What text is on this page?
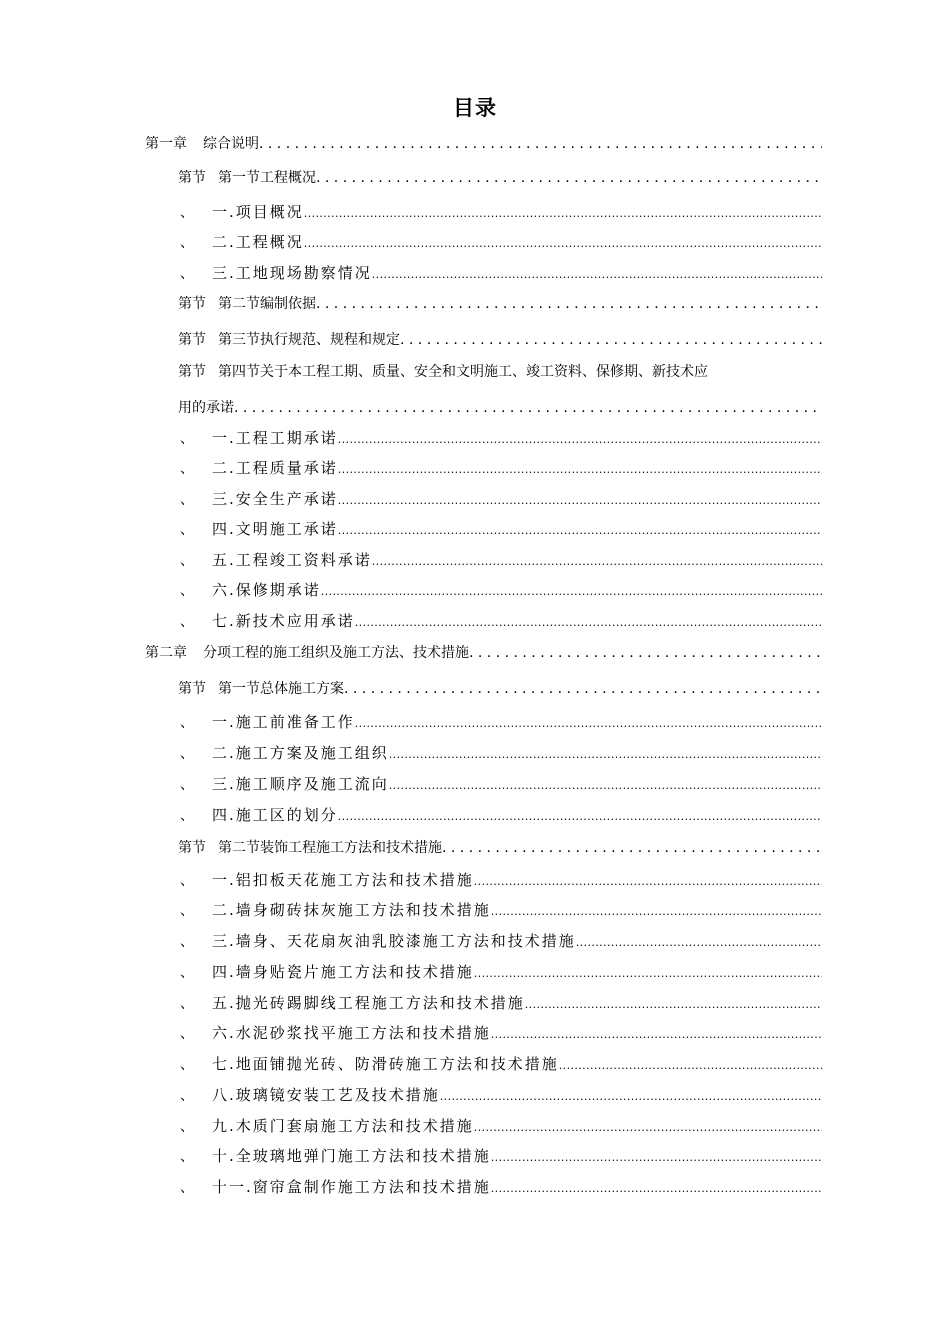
目录
第一章	综合说明
. . .
第节 第一节工程概况
. . .
、	一.项目概况
.....
、	二.工程概况
.....
、	三.工地现场勘察情况
.....
第节 第二节编制依据
. . .
第节 第三节执行规范、规程和规定
. . .
第节 第四节关于本工程工期、质量、安全和文明施工、竣工资料、保修期、新技术应
用的承诺
. . .
、	一.工程工期承诺
.....
、	二.工程质量承诺
.....
、	三.安全生产承诺
.....
、	四.文明施工承诺
.....
、	五.工程竣工资料承诺
.....
、	六.保修期承诺
.....
、	七.新技术应用承诺
.....
第二章	分项工程的施工组织及施工方法、技术措施
. . .
第节 第一节总体施工方案
. . .
、	一.施工前准备工作
.....
、	二.施工方案及施工组织
.....
、	三.施工顺序及施工流向
.....
、	四.施工区的划分
.....
第节 第二节装饰工程施工方法和技术措施
. . .
、	一.铝扣板天花施工方法和技术措施
.....
、	二.墙身砌砖抹灰施工方法和技术措施
.....
、	三.墙身、天花扇灰油乳胶漆施工方法和技术措施
.....
、	四.墙身贴瓷片施工方法和技术措施
.....
、	五.抛光砖踢脚线工程施工方法和技术措施
.....
、	六.水泥砂浆找平施工方法和技术措施
.....
、	七.地面铺抛光砖、防滑砖施工方法和技术措施
.....
、	八.玻璃镜安装工艺及技术措施
.....
、	九.木质门套扇施工方法和技术措施
.....
、	十.全玻璃地弹门施工方法和技术措施
.....
、	十一.窗帘盒制作施工方法和技术措施
.....
